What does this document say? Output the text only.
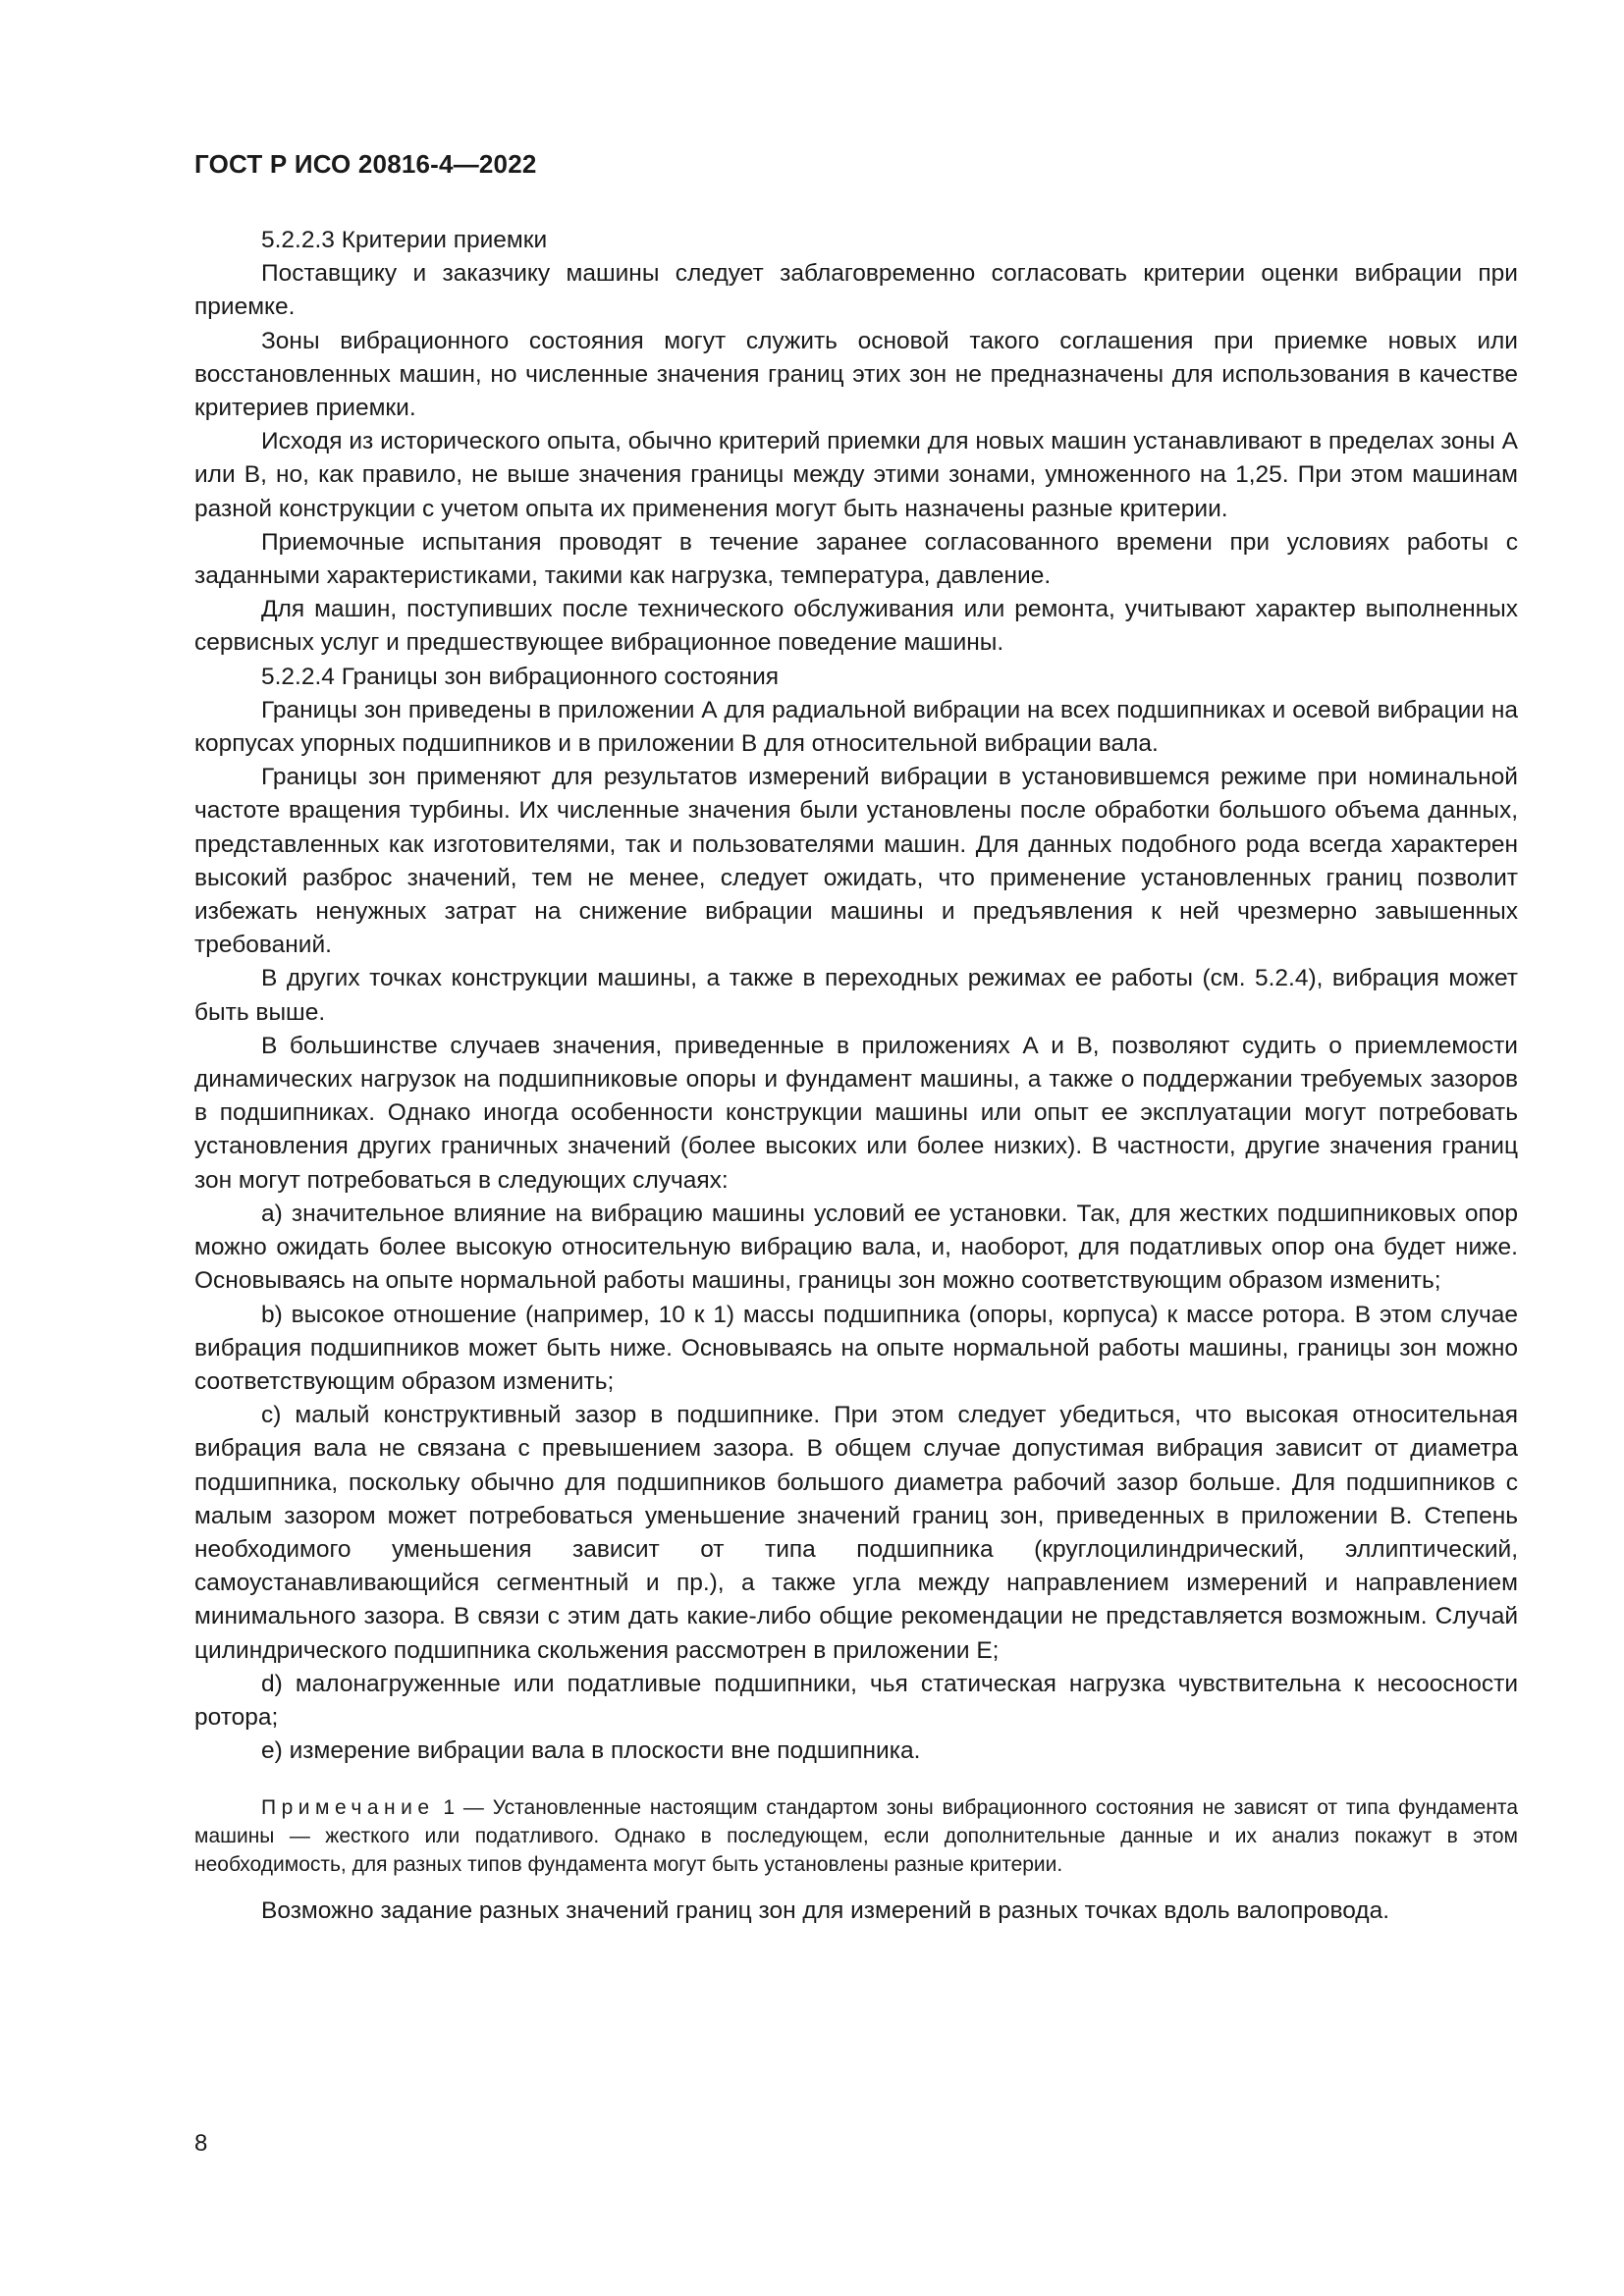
ГОСТ Р ИСО 20816-4—2022

5.2.2.3 Критерии приемки

Поставщику и заказчику машины следует заблаговременно согласовать критерии оценки вибрации при приемке.

Зоны вибрационного состояния могут служить основой такого соглашения при приемке новых или восстановленных машин, но численные значения границ этих зон не предназначены для использования в качестве критериев приемки.

Исходя из исторического опыта, обычно критерий приемки для новых машин устанавливают в пределах зоны А или В, но, как правило, не выше значения границы между этими зонами, умноженного на 1,25. При этом машинам разной конструкции с учетом опыта их применения могут быть назначены разные критерии.

Приемочные испытания проводят в течение заранее согласованного времени при условиях работы с заданными характеристиками, такими как нагрузка, температура, давление.

Для машин, поступивших после технического обслуживания или ремонта, учитывают характер выполненных сервисных услуг и предшествующее вибрационное поведение машины.

5.2.2.4 Границы зон вибрационного состояния

Границы зон приведены в приложении А для радиальной вибрации на всех подшипниках и осевой вибрации на корпусах упорных подшипников и в приложении В для относительной вибрации вала.

Границы зон применяют для результатов измерений вибрации в установившемся режиме при номинальной частоте вращения турбины. Их численные значения были установлены после обработки большого объема данных, представленных как изготовителями, так и пользователями машин. Для данных подобного рода всегда характерен высокий разброс значений, тем не менее, следует ожидать, что применение установленных границ позволит избежать ненужных затрат на снижение вибрации машины и предъявления к ней чрезмерно завышенных требований.

В других точках конструкции машины, а также в переходных режимах ее работы (см. 5.2.4), вибрация может быть выше.

В большинстве случаев значения, приведенные в приложениях А и В, позволяют судить о приемлемости динамических нагрузок на подшипниковые опоры и фундамент машины, а также о поддержании требуемых зазоров в подшипниках. Однако иногда особенности конструкции машины или опыт ее эксплуатации могут потребовать установления других граничных значений (более высоких или более низких). В частности, другие значения границ зон могут потребоваться в следующих случаях:

a) значительное влияние на вибрацию машины условий ее установки. Так, для жестких подшипниковых опор можно ожидать более высокую относительную вибрацию вала, и, наоборот, для податливых опор она будет ниже. Основываясь на опыте нормальной работы машины, границы зон можно соответствующим образом изменить;

b) высокое отношение (например, 10 к 1) массы подшипника (опоры, корпуса) к массе ротора. В этом случае вибрация подшипников может быть ниже. Основываясь на опыте нормальной работы машины, границы зон можно соответствующим образом изменить;

c) малый конструктивный зазор в подшипнике. При этом следует убедиться, что высокая относительная вибрация вала не связана с превышением зазора. В общем случае допустимая вибрация зависит от диаметра подшипника, поскольку обычно для подшипников большого диаметра рабочий зазор больше. Для подшипников с малым зазором может потребоваться уменьшение значений границ зон, приведенных в приложении В. Степень необходимого уменьшения зависит от типа подшипника (круглоцилиндрический, эллиптический, самоустанавливающийся сегментный и пр.), а также угла между направлением измерений и направлением минимального зазора. В связи с этим дать какие-либо общие рекомендации не представляется возможным. Случай цилиндрического подшипника скольжения рассмотрен в приложении Е;

d) малонагруженные или податливые подшипники, чья статическая нагрузка чувствительна к несоосности ротора;

e) измерение вибрации вала в плоскости вне подшипника.

Примечание 1 — Установленные настоящим стандартом зоны вибрационного состояния не зависят от типа фундамента машины — жесткого или податливого. Однако в последующем, если дополнительные данные и их анализ покажут в этом необходимость, для разных типов фундамента могут быть установлены разные критерии.

Возможно задание разных значений границ зон для измерений в разных точках вдоль валопровода.

8
